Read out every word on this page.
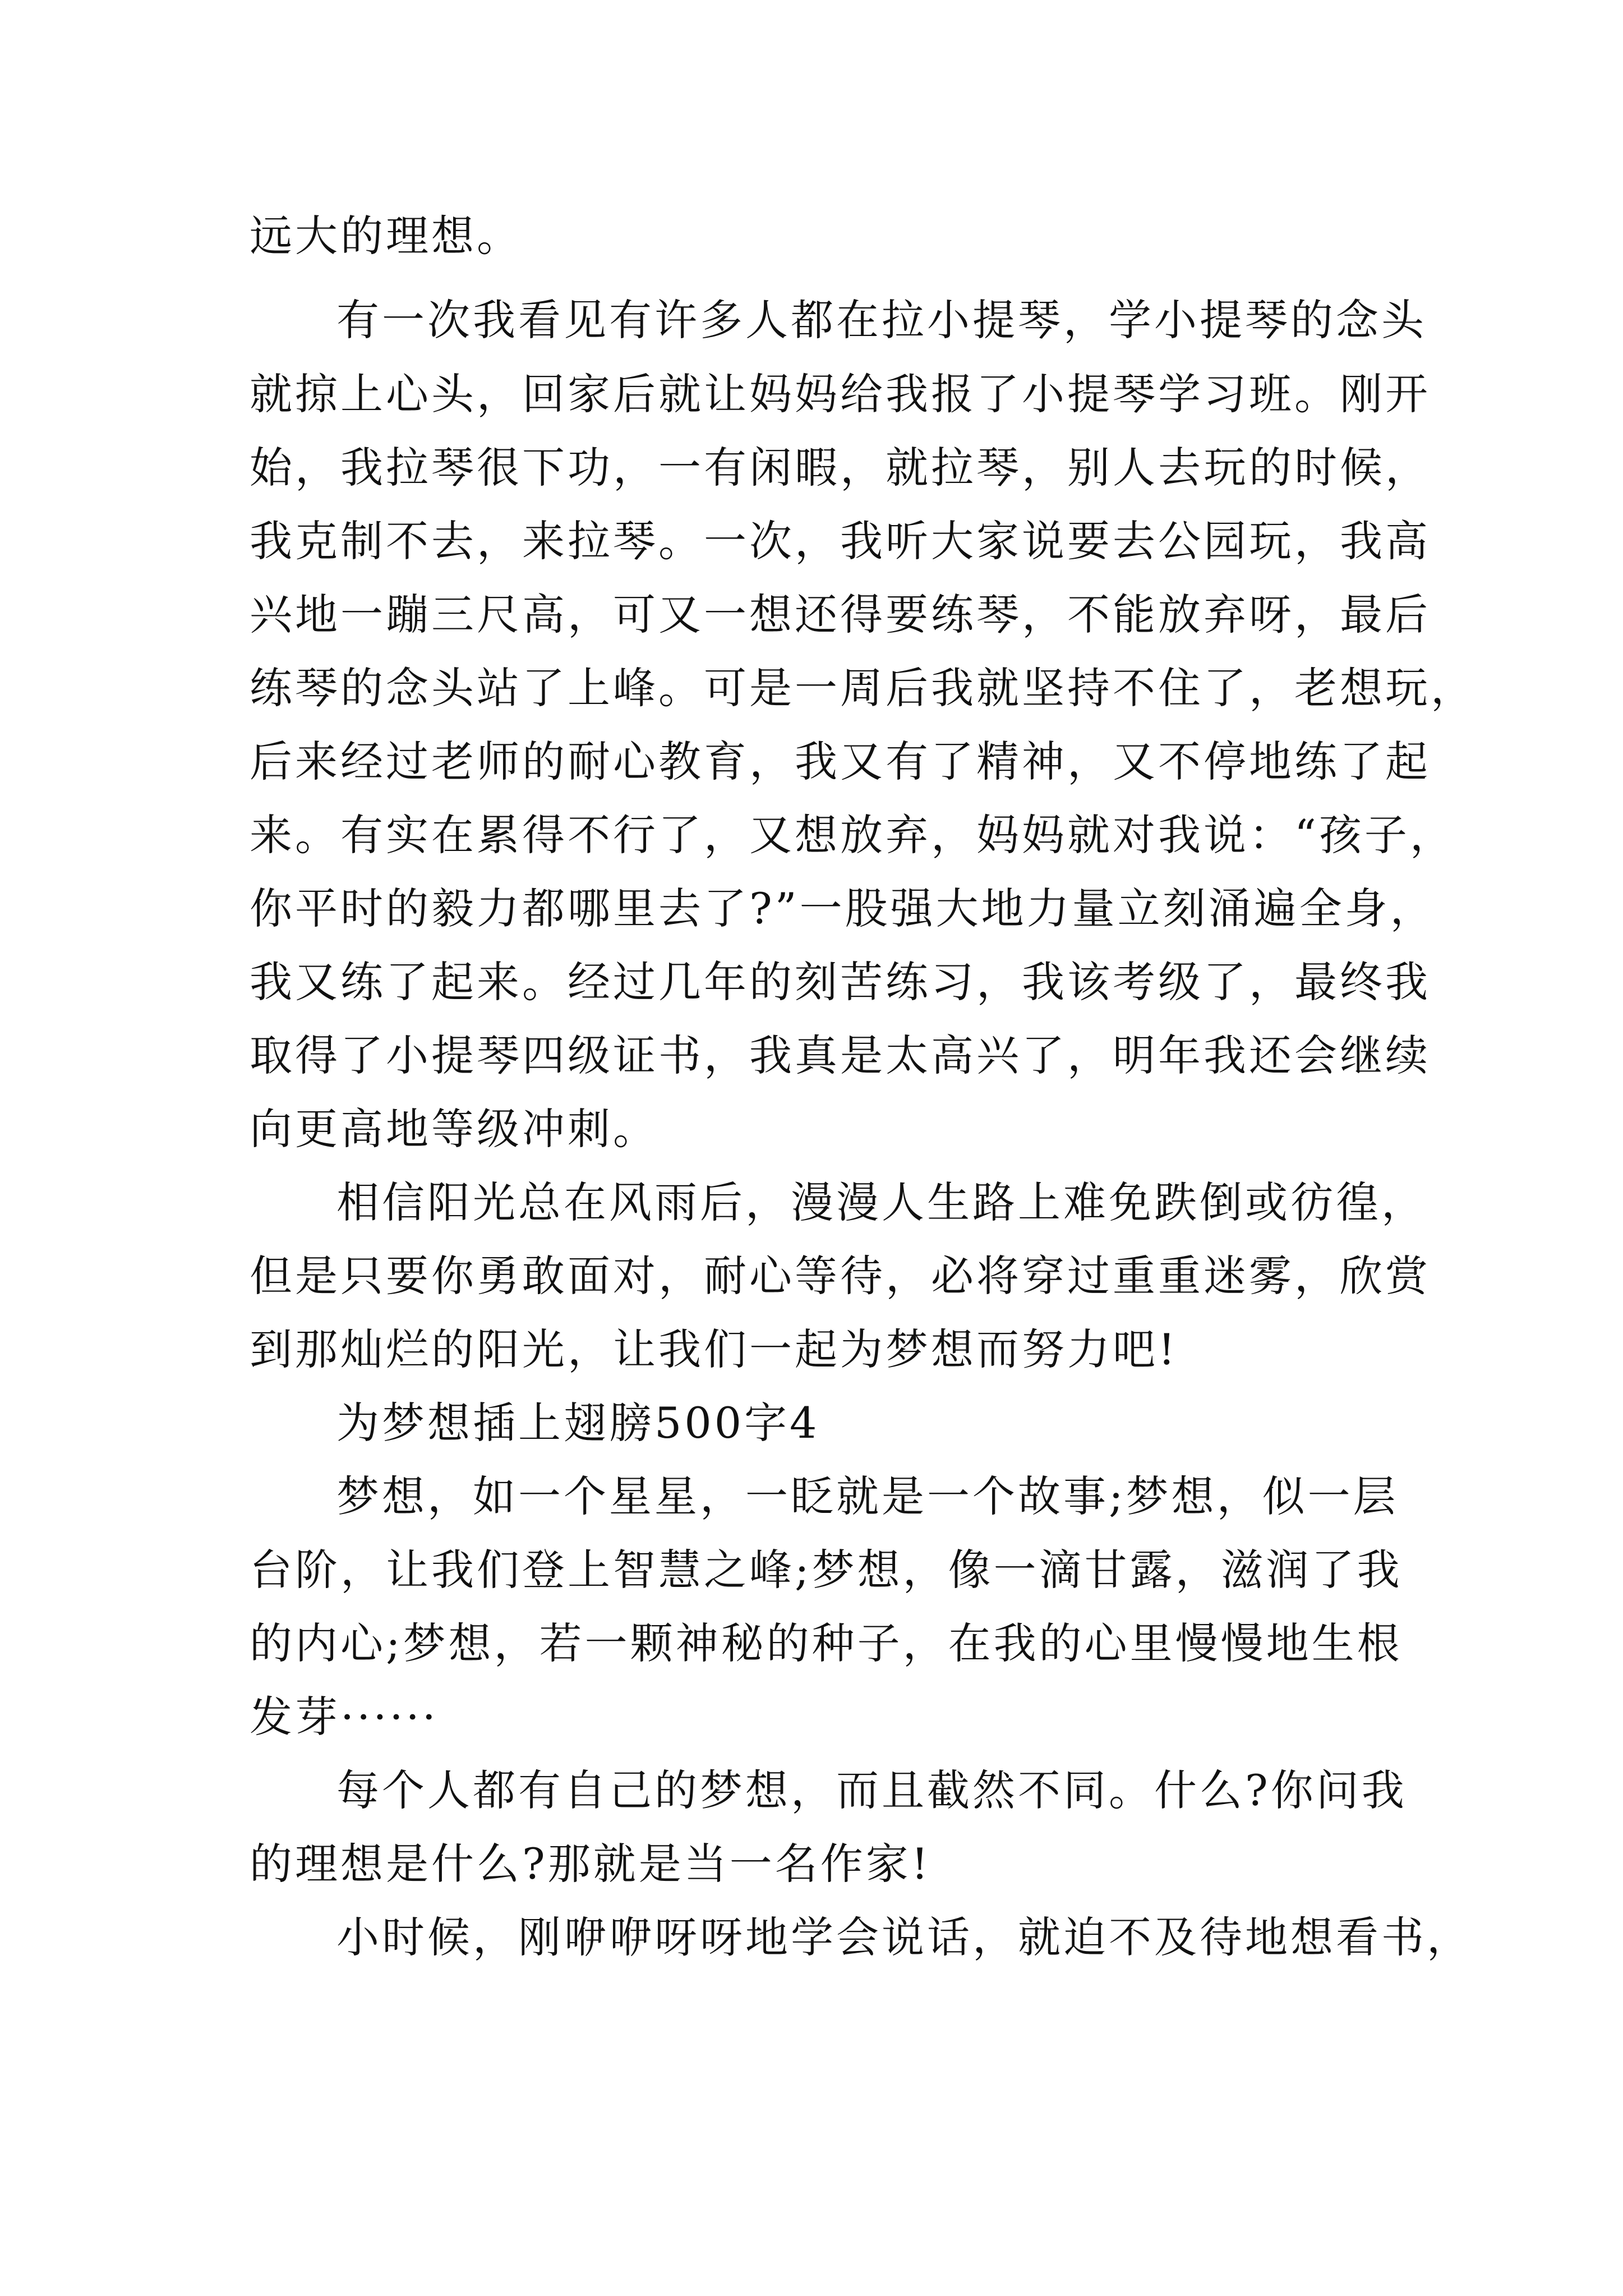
远大的理想。
有一次我看见有许多人都在拉小提琴，学小提琴的念头
就掠上心头，回家后就让妈妈给我报了小提琴学习班。刚开
始，我拉琴很下功，一有闲暇，就拉琴，别人去玩的时候，
我克制不去，来拉琴。一次，我听大家说要去公园玩，我高
兴地一蹦三尺高，可又一想还得要练琴，不能放弃呀，最后
练琴的念头站了上峰。可是一周后我就坚持不住了，老想玩，
后来经过老师的耐心教育，我又有了精神，又不停地练了起
来。有实在累得不行了，又想放弃，妈妈就对我说：“孩子，
你平时的毅力都哪里去了?”一股强大地力量立刻涌遍全身，
我又练了起来。经过几年的刻苦练习，我该考级了，最终我
取得了小提琴四级证书，我真是太高兴了，明年我还会继续
向更高地等级冲刺。
相信阳光总在风雨后，漫漫人生路上难免跌倒或彷徨，
但是只要你勇敢面对，耐心等待，必将穿过重重迷雾，欣赏
到那灿烂的阳光，让我们一起为梦想而努力吧!
为梦想插上翅膀500字4
梦想，如一个星星，一眨就是一个故事;梦想，似一层
台阶，让我们登上智慧之峰;梦想，像一滴甘露，滋润了我
的内心;梦想，若一颗神秘的种子，在我的心里慢慢地生根
发芽······
每个人都有自己的梦想，而且截然不同。什么?你问我
的理想是什么?那就是当一名作家!
小时候，刚咿咿呀呀地学会说话，就迫不及待地想看书，
